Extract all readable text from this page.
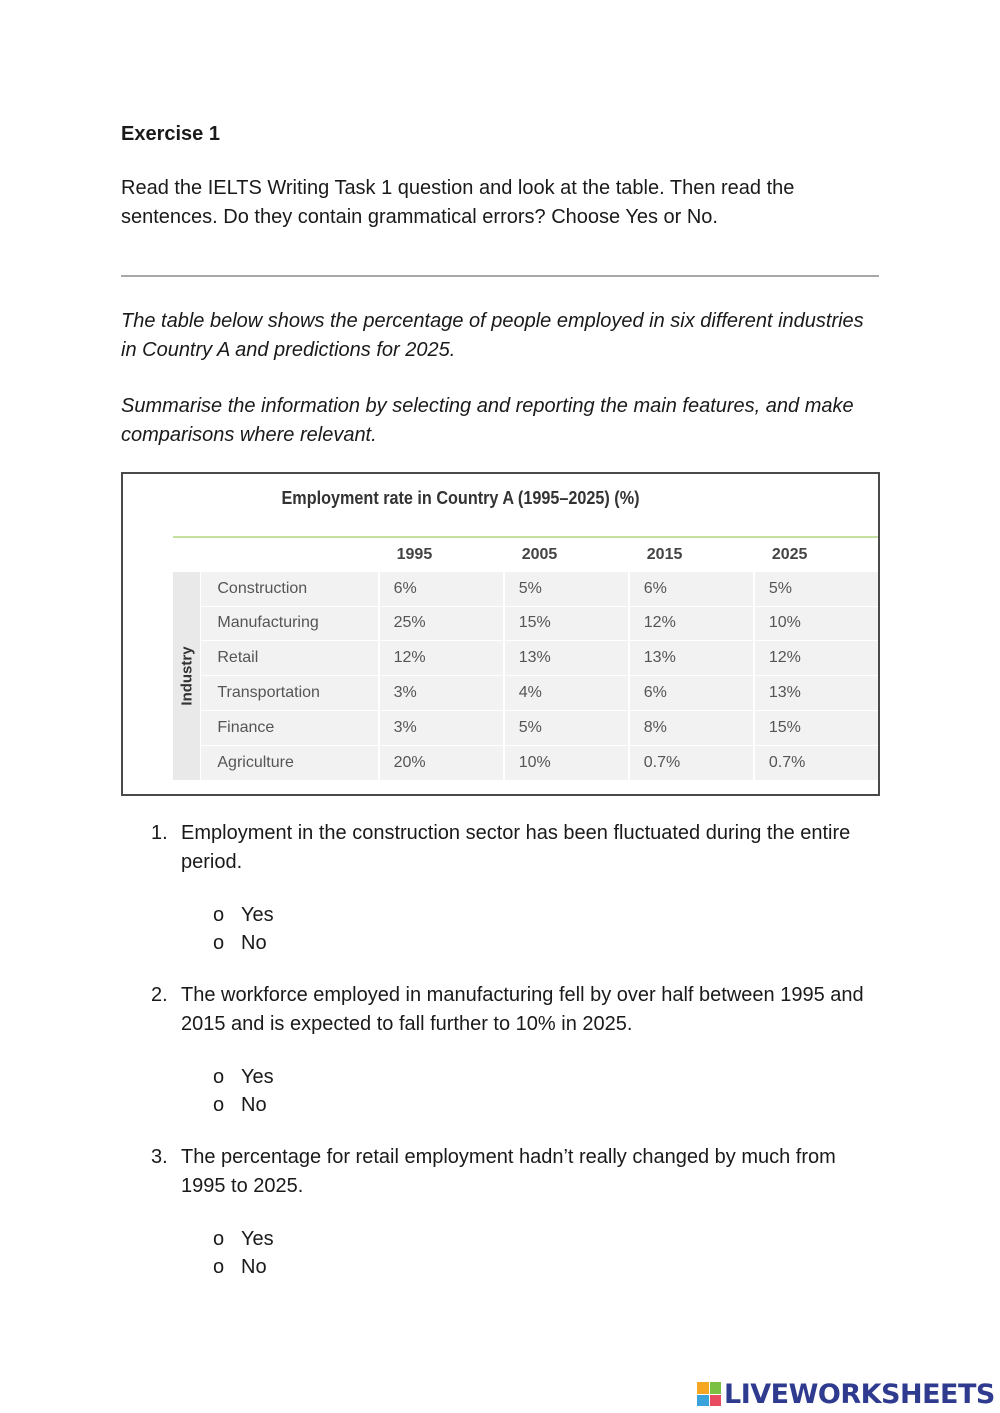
Exercise 1

Read the IELTS Writing Task 1 question and look at the table. Then read the sentences. Do they contain grammatical errors? Choose Yes or No.

The table below shows the percentage of people employed in six different industries in Country A and predictions for 2025.

Summarise the information by selecting and reporting the main features, and make comparisons where relevant.

Employment rate in Country A (1995–2025) (%)
		1995	2005	2015	2025

Industry	Construction	6%	5%	6%	5%
	Manufacturing	25%	15%	12%	10%
	Retail	12%	13%	13%	12%
	Transportation	3%	4%	6%	13%
	Finance	3%	5%	8%	15%
	Agriculture	20%	10%	0.7%	0.7%
1. Employment in the construction sector has been fluctuated during the entire period.
o Yes
o No
2. The workforce employed in manufacturing fell by over half between 1995 and 2015 and is expected to fall further to 10% in 2025.
o Yes
o No
3. The percentage for retail employment hadn’t really changed by much from 1995 to 2025.
o Yes
o No
LIVEWORKSHEETS
